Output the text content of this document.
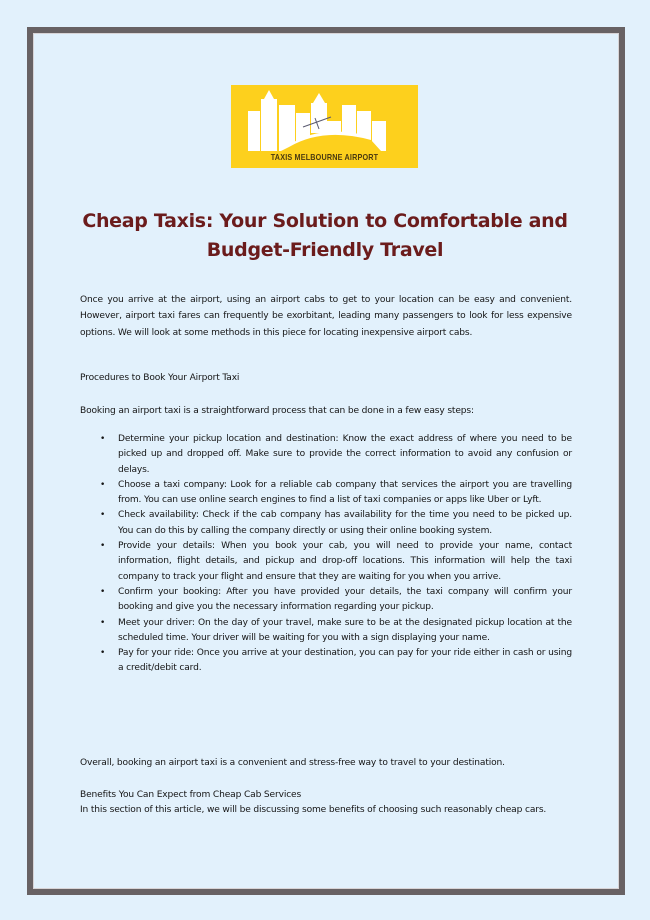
TAXIS MELBOURNE AIRPORT
Cheap Taxis: Your Solution to Comfortable and Budget-Friendly Travel

Once you arrive at the airport, using an airport cabs to get to your location can be easy and convenient. However, airport taxi fares can frequently be exorbitant, leading many passengers to look for less expensive options. We will look at some methods in this piece for locating inexpensive airport cabs.

Procedures to Book Your Airport Taxi

Booking an airport taxi is a straightforward process that can be done in a few easy steps:

• Determine your pickup location and destination: Know the exact address of where you need to be picked up and dropped off. Make sure to provide the correct information to avoid any confusion or delays.
• Choose a taxi company: Look for a reliable cab company that services the airport you are travelling from. You can use online search engines to find a list of taxi companies or apps like Uber or Lyft.
• Check availability: Check if the cab company has availability for the time you need to be picked up. You can do this by calling the company directly or using their online booking system.
• Provide your details: When you book your cab, you will need to provide your name, contact information, flight details, and pickup and drop-off locations. This information will help the taxi company to track your flight and ensure that they are waiting for you when you arrive.
• Confirm your booking: After you have provided your details, the taxi company will confirm your booking and give you the necessary information regarding your pickup.
• Meet your driver: On the day of your travel, make sure to be at the designated pickup location at the scheduled time. Your driver will be waiting for you with a sign displaying your name.
• Pay for your ride: Once you arrive at your destination, you can pay for your ride either in cash or using a credit/debit card.

Overall, booking an airport taxi is a convenient and stress-free way to travel to your destination.

Benefits You Can Expect from Cheap Cab Services

In this section of this article, we will be discussing some benefits of choosing such reasonably cheap cars.
